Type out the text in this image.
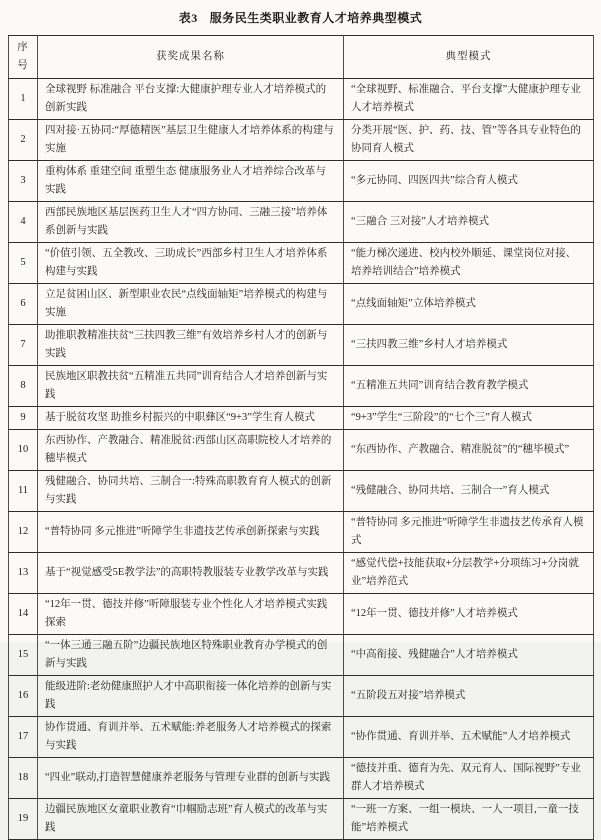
表3 服务民生类职业教育人才培养典型模式
序号	获奖成果名称	典型模式
1	全球视野 标准融合 平台支撑:大健康护理专业人才培养模式的创新实践	“全球视野、标准融合、平台支撑”大健康护理专业人才培养模式
2	四对接·五协同:“厚德精医”基层卫生健康人才培养体系的构建与实施	分类开展“医、护、药、技、管”等各具专业特色的协同育人模式
3	重构体系 重建空间 重塑生态 健康服务业人才培养综合改革与实践	“多元协同、四医四共”综合育人模式
4	西部民族地区基层医药卫生人才“四方协同、三融三接”培养体系创新与实践	“三融合 三对接”人才培养模式
5	“价值引领、五全教改、三助成长”西部乡村卫生人才培养体系构建与实践	“能力梯次递进、校内校外顺延、课堂岗位对接、培养培训结合”培养模式
6	立足贫困山区、新型职业农民“点线面轴矩”培养模式的构建与实施	“点线面轴矩”立体培养模式
7	助推职教精准扶贫“三扶四教三维”有效培养乡村人才的创新与实践	“三扶四教三维”乡村人才培养模式
8	民族地区职教扶贫“五精准五共同”训育结合人才培养创新与实践	“五精准五共同”训育结合教育教学模式
9	基于脱贫攻坚 助推乡村振兴的中职彝区“9+3”学生育人模式	“9+3”学生“三阶段”的“七个三”育人模式
10	东西协作、产教融合、精准脱贫:西部山区高职院校人才培养的穗毕模式	“东西协作、产教融合、精准脱贫”的“穗毕模式”
11	残健融合、协同共培、三制合一:特殊高职教育育人模式的创新与实践	“残健融合、协同共培、三制合一”育人模式
12	“普特协同 多元推进”听障学生非遗技艺传承创新探索与实践	“普特协同 多元推进”听障学生非遗技艺传承育人模式
13	基于“视觉感受5E教学法”的高职特教服装专业教学改革与实践	“感觉代偿+技能获取+分层教学+分项练习+分岗就业”培养范式
14	“12年一贯、德技并修”听障服装专业个性化人才培养模式实践探索	“12年一贯、德技并修”人才培养模式
15	“一体三通三融五阶”边疆民族地区特殊职业教育办学模式的创新与实践	“中高衔接、残健融合”人才培养模式
16	能级进阶:老幼健康照护人才中高职衔接一体化培养的创新与实践	“五阶段五对接”培养模式
17	协作贯通、育训并举、五术赋能:养老服务人才培养模式的探索与实践	“协作贯通、育训并举、五术赋能”人才培养模式
18	“四业”联动,打造智慧健康养老服务与管理专业群的创新与实践	“德技并重、德育为先、双元育人、国际视野”专业群人才培养模式
19	边疆民族地区女童职业教育“巾帼励志班”育人模式的改革与实践	“一班一方案、一组一模块、一人一项目,一童一技能”培养模式
